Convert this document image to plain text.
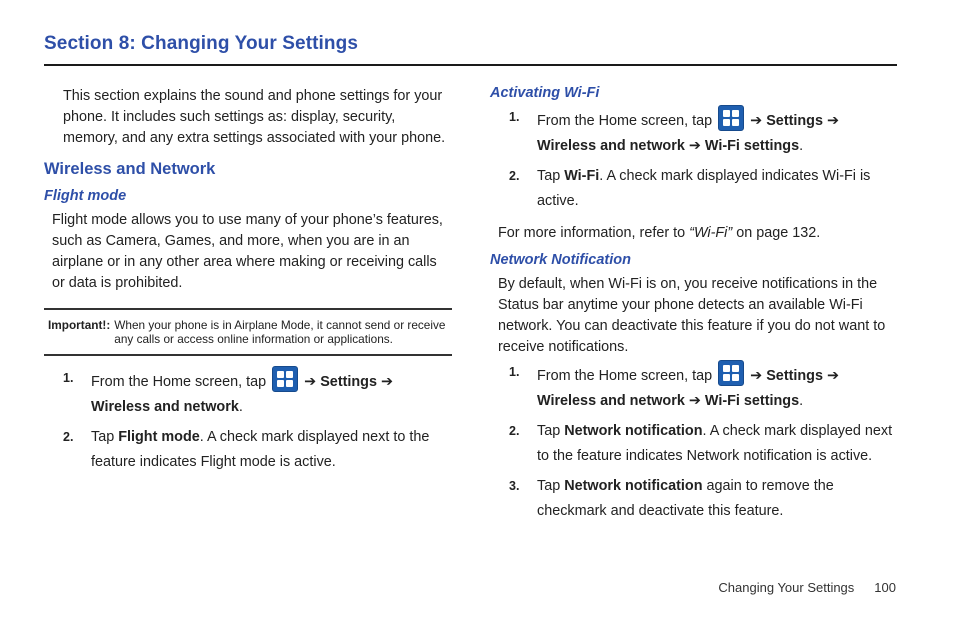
Section 8: Changing Your Settings

This section explains the sound and phone settings for your phone. It includes such settings as: display, security, memory, and any extra settings associated with your phone.

Wireless and Network
Flight mode

Flight mode allows you to use many of your phone’s features, such as Camera, Games, and more, when you are in an airplane or in any other area where making or receiving calls or data is prohibited.

Important!: When your phone is in Airplane Mode, it cannot send or receive any calls or access online information or applications.
1. From the Home screen, tap	➔ Settings ➔ Wireless and network.
2. Tap Flight mode. A check mark displayed next to the feature indicates Flight mode is active.
Activating Wi-Fi
1. From the Home screen, tap	➔ Settings ➔ Wireless and network ➔ Wi-Fi settings.
2. Tap Wi-Fi. A check mark displayed indicates Wi-Fi is active.

For more information, refer to “Wi-Fi” on page 132.

Network Notification

By default, when Wi-Fi is on, you receive notifications in the Status bar anytime your phone detects an available Wi-Fi network. You can deactivate this feature if you do not want to receive notifications.

1. From the Home screen, tap	➔ Settings ➔ Wireless and network ➔ Wi-Fi settings.
2. Tap Network notification. A check mark displayed next to the feature indicates Network notification is active.
3. Tap Network notification again to remove the checkmark and deactivate this feature.
Changing Your Settings 100
